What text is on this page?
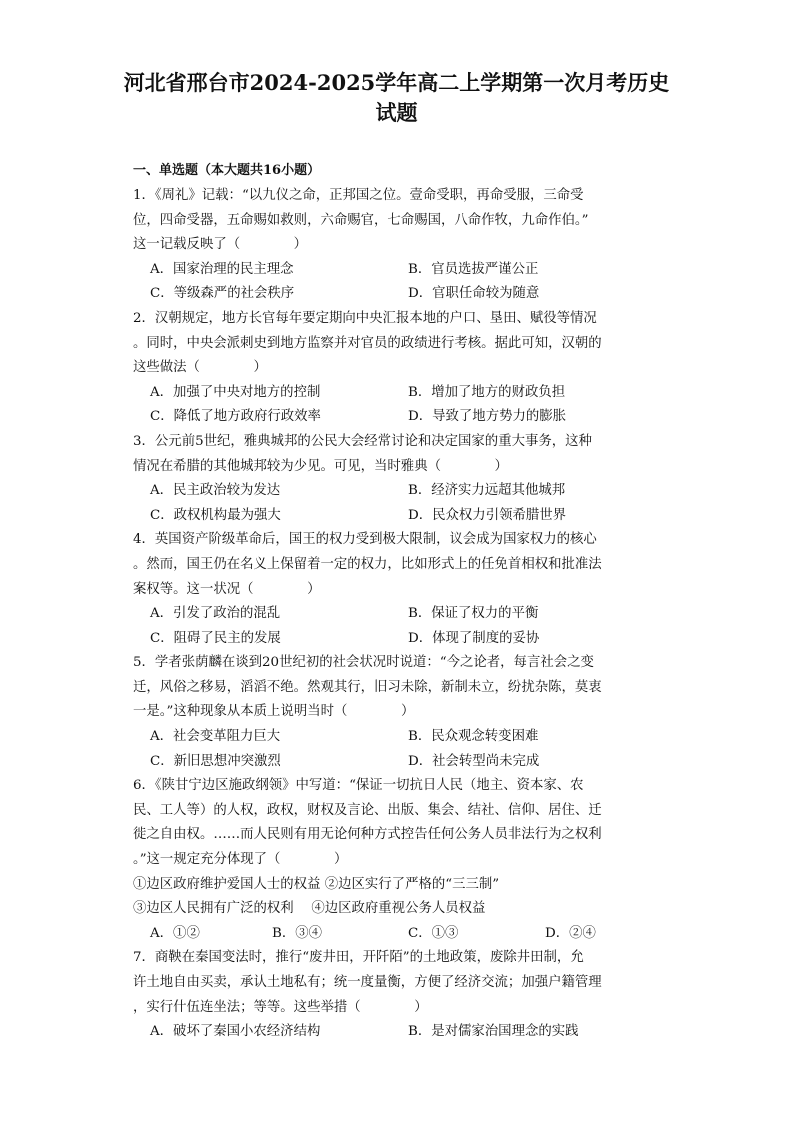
河北省邢台市2024-2025学年高二上学期第一次月考历史
试题
一、单选题（本大题共16小题）
1．《周礼》记载：“以九仪之命，正邦国之位。壹命受职，再命受服，三命受
位，四命受器，五命赐如救则，六命赐官，七命赐国，八命作牧，九命作伯。”
这一记载反映了（　　　　）
A．国家治理的民主理念	B．官员选拔严谨公正
C．等级森严的社会秩序	D．官职任命较为随意
2．汉朝规定，地方长官每年要定期向中央汇报本地的户口、垦田、赋役等情况
。同时，中央会派刺史到地方监察并对官员的政绩进行考核。据此可知，汉朝的
这些做法（　　　　）
A．加强了中央对地方的控制	B．增加了地方的财政负担
C．降低了地方政府行政效率	D．导致了地方势力的膨胀
3．公元前5世纪，雅典城邦的公民大会经常讨论和决定国家的重大事务，这种
情况在希腊的其他城邦较为少见。可见，当时雅典（　　　　）
A．民主政治较为发达	B．经济实力远超其他城邦
C．政权机构最为强大	D．民众权力引领希腊世界
4．英国资产阶级革命后，国王的权力受到极大限制，议会成为国家权力的核心
。然而，国王仍在名义上保留着一定的权力，比如形式上的任免首相权和批准法
案权等。这一状况（　　　　）
A．引发了政治的混乱	B．保证了权力的平衡
C．阻碍了民主的发展	D．体现了制度的妥协
5．学者张荫麟在谈到20世纪初的社会状况时说道：“今之论者，每言社会之变
迁，风俗之移易，滔滔不绝。然观其行，旧习未除，新制未立，纷扰杂陈，莫衷
一是。”这种现象从本质上说明当时（　　　　）
A．社会变革阻力巨大	B．民众观念转变困难
C．新旧思想冲突激烈	D．社会转型尚未完成
6．《陕甘宁边区施政纲领》中写道：“保证一切抗日人民（地主、资本家、农
民、工人等）的人权，政权，财权及言论、出版、集会、结社、信仰、居住、迁
徙之自由权。……而人民则有用无论何种方式控告任何公务人员非法行为之权利
。”这一规定充分体现了（　　　　）
①边区政府维护爱国人士的权益 ②边区实行了严格的“三三制”
③边区人民拥有广泛的权利　 ④边区政府重视公务人员权益
A．①②	B．③④	C．①③	D．②④
7．商鞅在秦国变法时，推行“废井田，开阡陌”的土地政策，废除井田制，允
许土地自由买卖，承认土地私有；统一度量衡，方便了经济交流；加强户籍管理
，实行什伍连坐法；等等。这些举措（　　　　）
A．破坏了秦国小农经济结构	B．是对儒家治国理念的实践
